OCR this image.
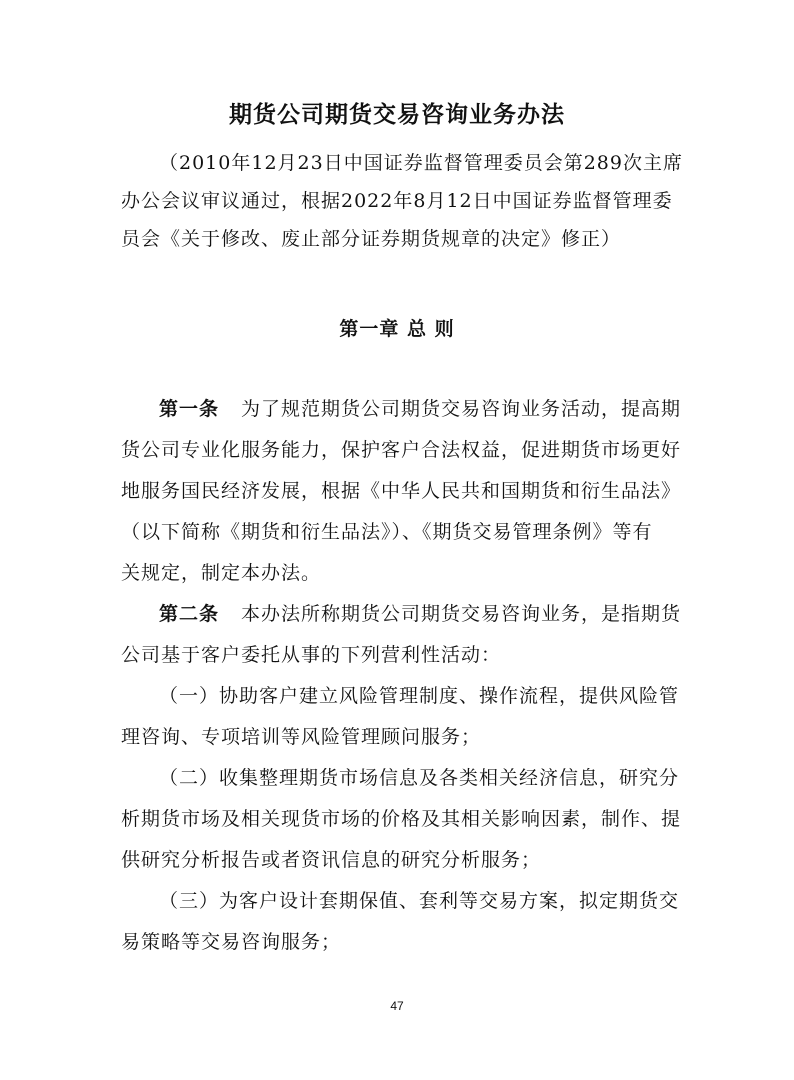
期货公司期货交易咨询业务办法
（2010年12月23日中国证券监督管理委员会第289次主席
办公会议审议通过，根据2022年8月12日中国证券监督管理委
员会《关于修改、废止部分证券期货规章的决定》修正）
第一章 总 则
第一条 为了规范期货公司期货交易咨询业务活动，提高期
货公司专业化服务能力，保护客户合法权益，促进期货市场更好
地服务国民经济发展，根据《中华人民共和国期货和衍生品法》
（以下简称《期货和衍生品法》）、《期货交易管理条例》等有
关规定，制定本办法。
第二条 本办法所称期货公司期货交易咨询业务，是指期货
公司基于客户委托从事的下列营利性活动：
（一）协助客户建立风险管理制度、操作流程，提供风险管
理咨询、专项培训等风险管理顾问服务；
（二）收集整理期货市场信息及各类相关经济信息，研究分
析期货市场及相关现货市场的价格及其相关影响因素，制作、提
供研究分析报告或者资讯信息的研究分析服务；
（三）为客户设计套期保值、套利等交易方案，拟定期货交
易策略等交易咨询服务；
47
